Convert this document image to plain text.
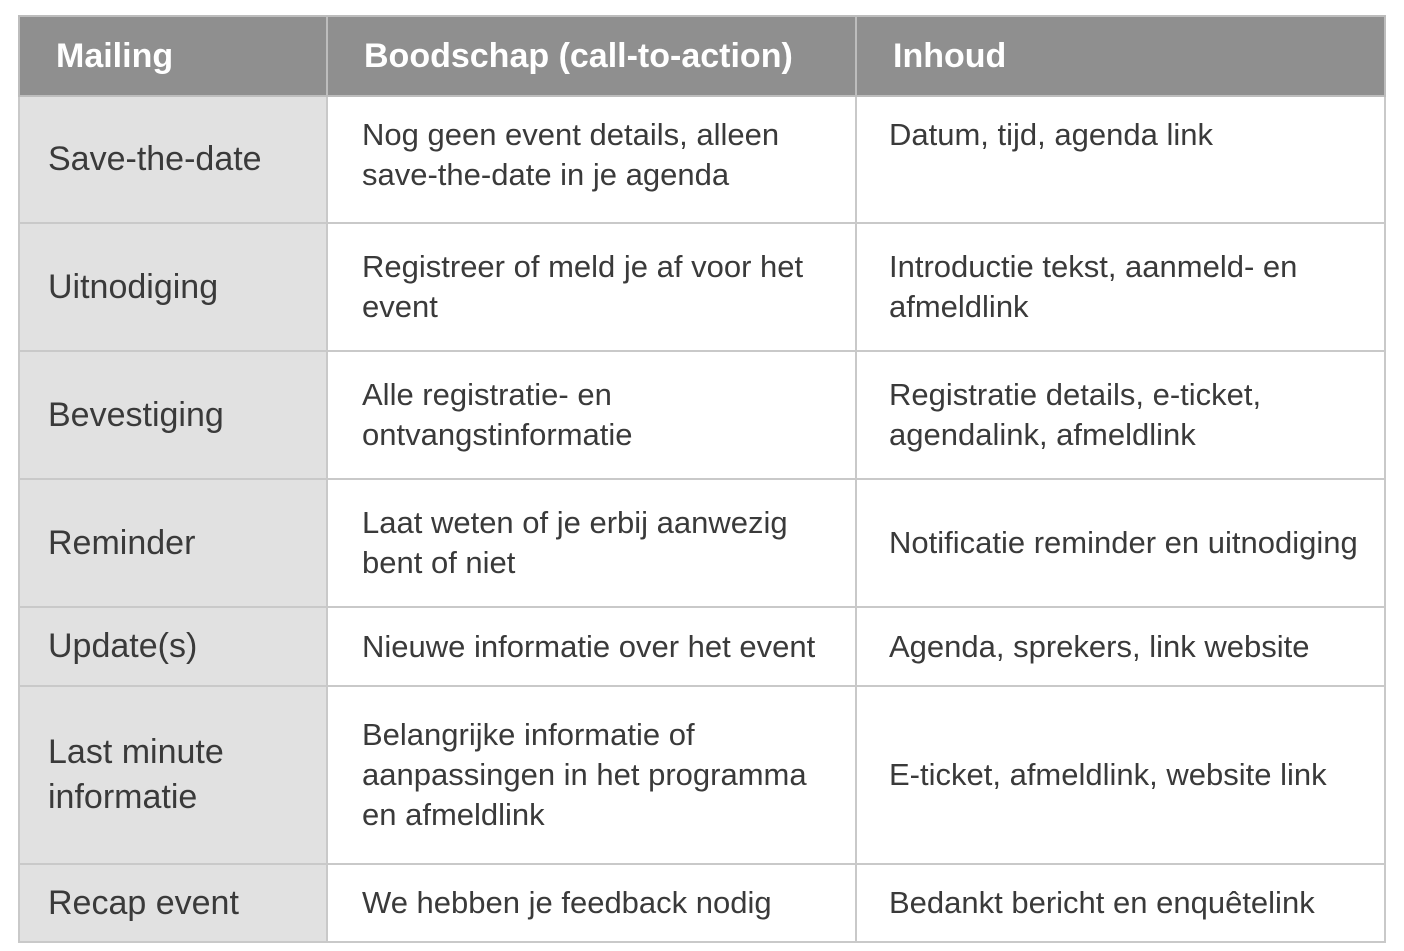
Mailing	Boodschap (call-to-action)	Inhoud
Save-the-date	Nog geen event details, alleen save-the-date in je agenda	Datum, tijd, agenda link
Uitnodiging	Registreer of meld je af voor het event	Introductie tekst, aanmeld- en afmeldlink
Bevestiging	Alle registratie- en ontvangstinformatie	Registratie details, e-ticket, agendalink, afmeldlink
Reminder	Laat weten of je erbij aanwezig bent of niet	Notificatie reminder en uitnodiging
Update(s)	Nieuwe informatie over het event	Agenda, sprekers, link website
Last minute informatie	Belangrijke informatie of aanpassingen in het programma en afmeldlink	E-ticket, afmeldlink, website link
Recap event	We hebben je feedback nodig	Bedankt bericht en enquêtelink
